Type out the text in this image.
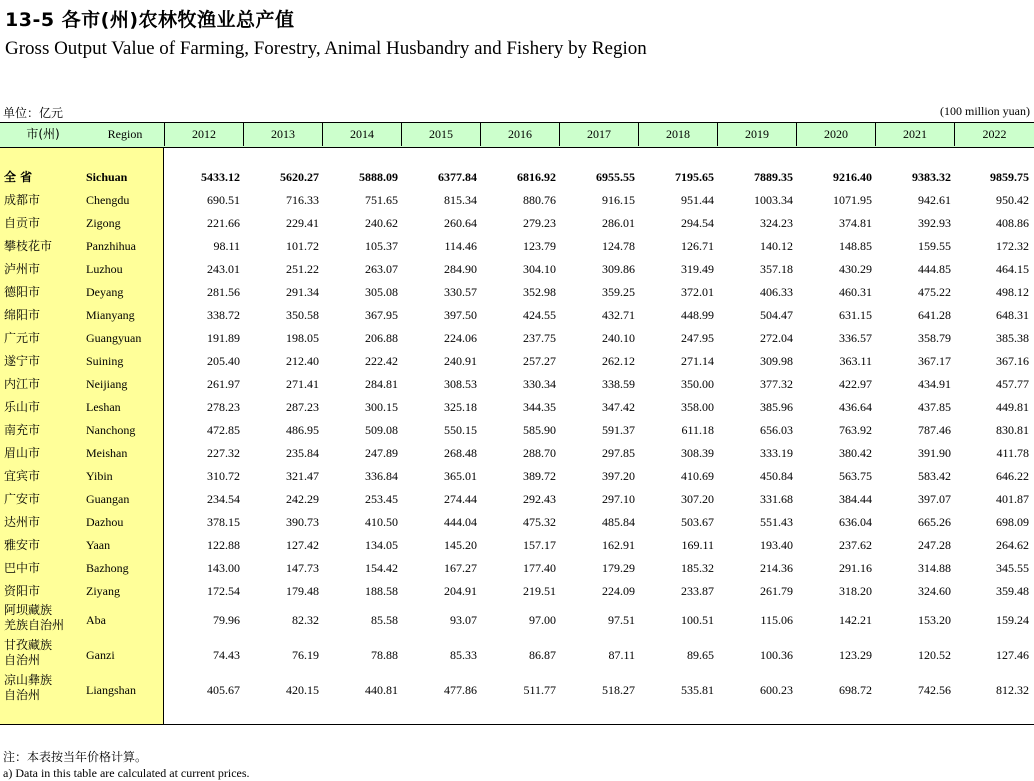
13-5 各市(州)农林牧渔业总产值
Gross Output Value of Farming, Forestry, Animal Husbandry and Fishery by Region
单位：亿元	(100 million yuan)
市(州)	Region	2012	2013	2014	2015	2016	2017	2018	2019	2020	2021	2022
全 省	Sichuan	5433.12	5620.27	5888.09	6377.84	6816.92	6955.55	7195.65	7889.35	9216.40	9383.32	9859.75
成都市	Chengdu	690.51	716.33	751.65	815.34	880.76	916.15	951.44	1003.34	1071.95	942.61	950.42
自贡市	Zigong	221.66	229.41	240.62	260.64	279.23	286.01	294.54	324.23	374.81	392.93	408.86
攀枝花市	Panzhihua	98.11	101.72	105.37	114.46	123.79	124.78	126.71	140.12	148.85	159.55	172.32
泸州市	Luzhou	243.01	251.22	263.07	284.90	304.10	309.86	319.49	357.18	430.29	444.85	464.15
德阳市	Deyang	281.56	291.34	305.08	330.57	352.98	359.25	372.01	406.33	460.31	475.22	498.12
绵阳市	Mianyang	338.72	350.58	367.95	397.50	424.55	432.71	448.99	504.47	631.15	641.28	648.31
广元市	Guangyuan	191.89	198.05	206.88	224.06	237.75	240.10	247.95	272.04	336.57	358.79	385.38
遂宁市	Suining	205.40	212.40	222.42	240.91	257.27	262.12	271.14	309.98	363.11	367.17	367.16
内江市	Neijiang	261.97	271.41	284.81	308.53	330.34	338.59	350.00	377.32	422.97	434.91	457.77
乐山市	Leshan	278.23	287.23	300.15	325.18	344.35	347.42	358.00	385.96	436.64	437.85	449.81
南充市	Nanchong	472.85	486.95	509.08	550.15	585.90	591.37	611.18	656.03	763.92	787.46	830.81
眉山市	Meishan	227.32	235.84	247.89	268.48	288.70	297.85	308.39	333.19	380.42	391.90	411.78
宜宾市	Yibin	310.72	321.47	336.84	365.01	389.72	397.20	410.69	450.84	563.75	583.42	646.22
广安市	Guangan	234.54	242.29	253.45	274.44	292.43	297.10	307.20	331.68	384.44	397.07	401.87
达州市	Dazhou	378.15	390.73	410.50	444.04	475.32	485.84	503.67	551.43	636.04	665.26	698.09
雅安市	Yaan	122.88	127.42	134.05	145.20	157.17	162.91	169.11	193.40	237.62	247.28	264.62
巴中市	Bazhong	143.00	147.73	154.42	167.27	177.40	179.29	185.32	214.36	291.16	314.88	345.55
资阳市	Ziyang	172.54	179.48	188.58	204.91	219.51	224.09	233.87	261.79	318.20	324.60	359.48
阿坝藏族
羌族自治州 Aba	79.96	82.32	85.58	93.07	97.00	97.51	100.51	115.06	142.21	153.20	159.24
甘孜藏族
自治州	Ganzi	74.43	76.19	78.88	85.33	86.87	87.11	89.65	100.36	123.29	120.52	127.46
凉山彝族
自治州	Liangshan	405.67	420.15	440.81	477.86	511.77	518.27	535.81	600.23	698.72	742.56	812.32
注：本表按当年价格计算。
a) Data in this table are calculated at current prices.
